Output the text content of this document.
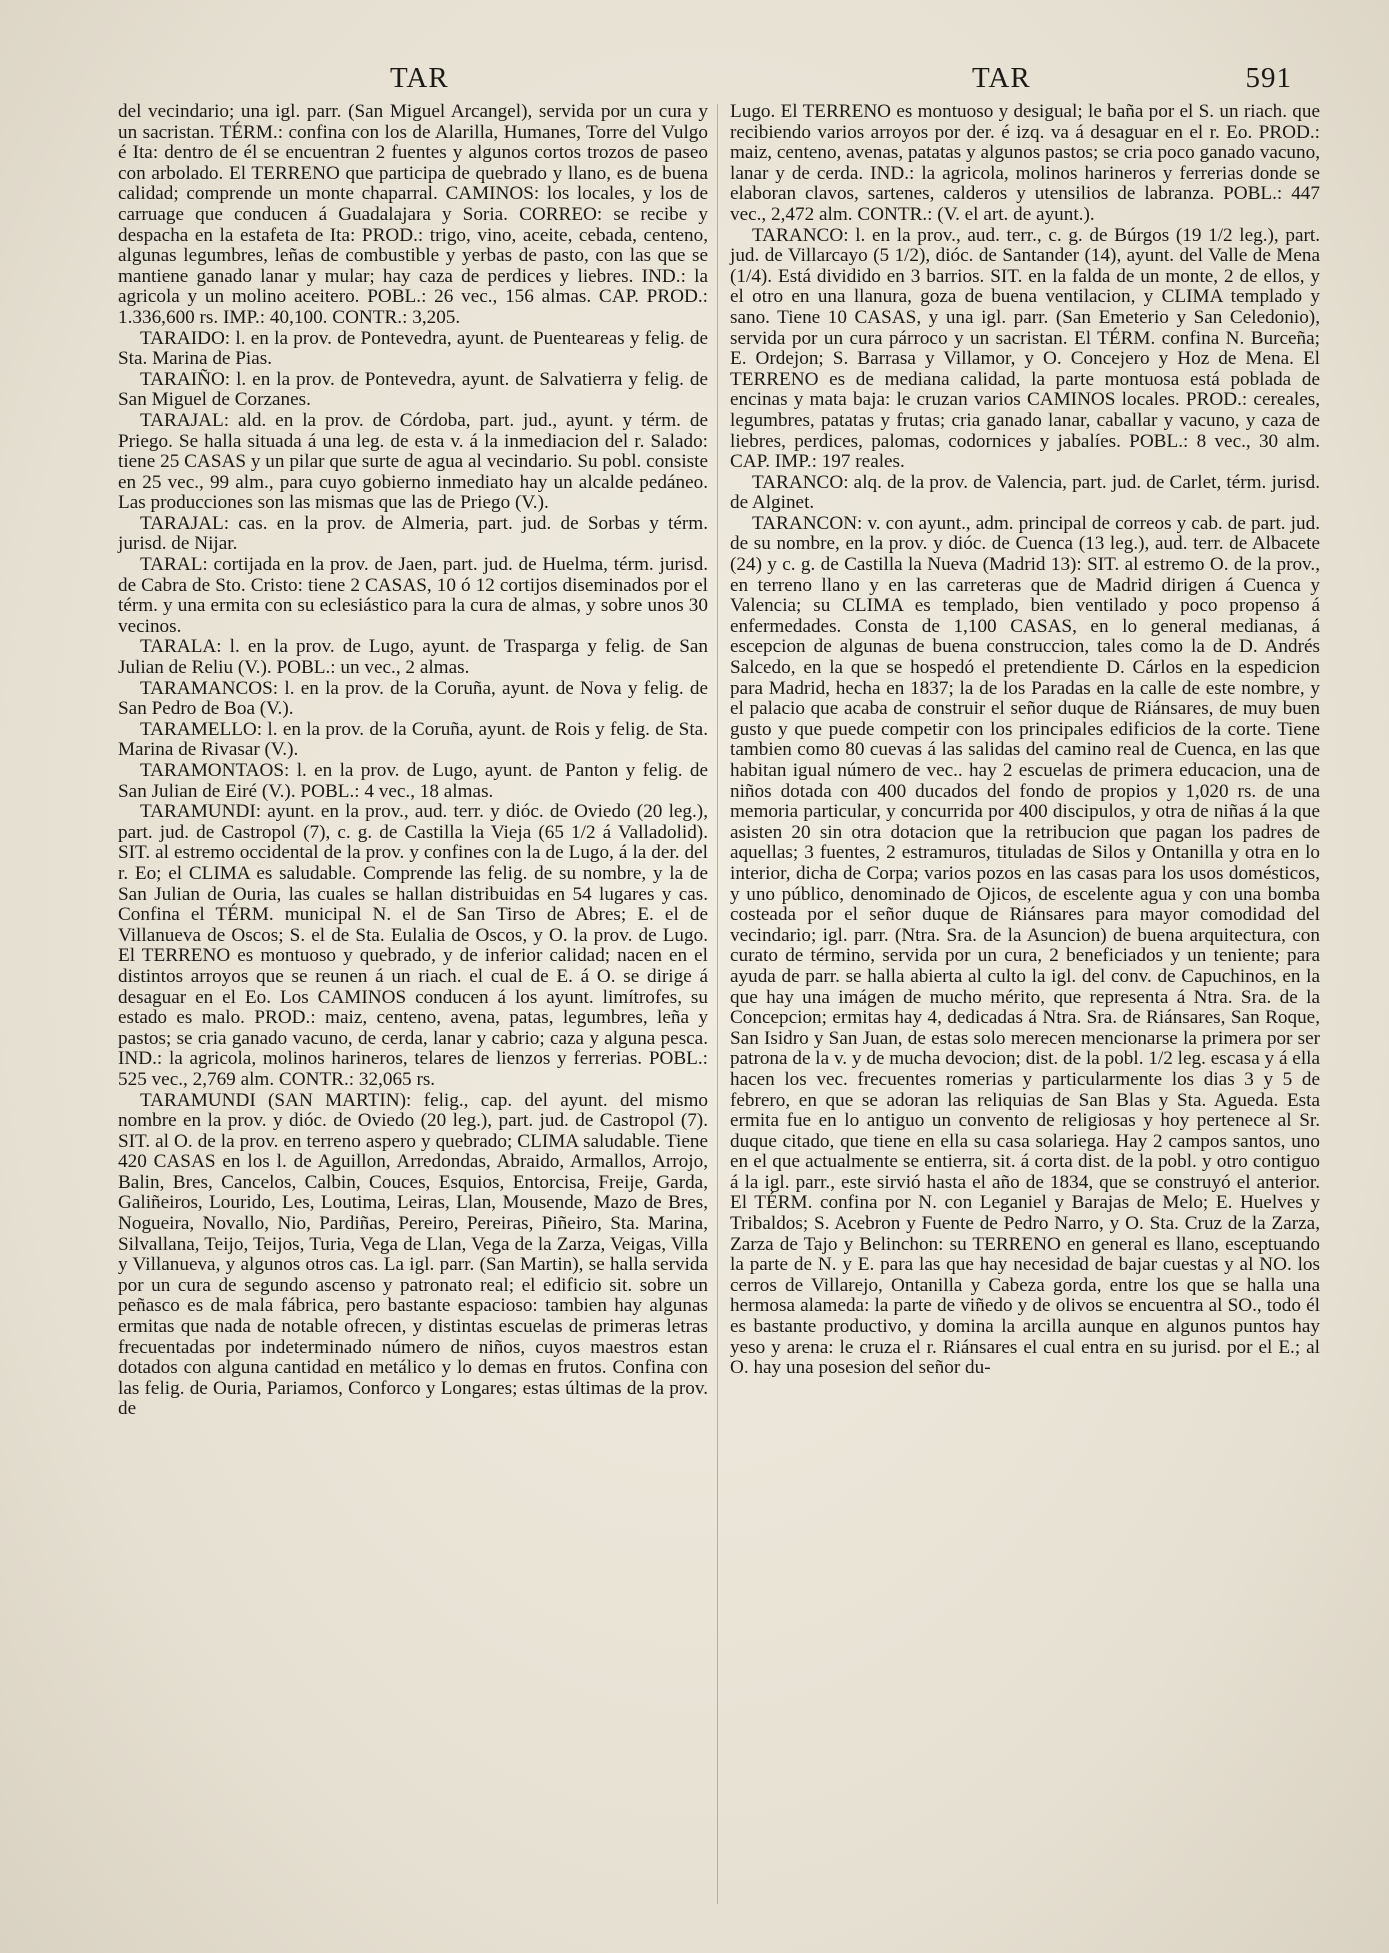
TAR	TAR	591

del vecindario; una igl. parr. (San Miguel Arcangel), servida por un cura y un sacristan. TÉRM.: confina con los de Alarilla, Humanes, Torre del Vulgo é Ita: dentro de él se encuentran 2 fuentes y algunos cortos trozos de paseo con arbolado. El TERRENO que participa de quebrado y llano, es de buena calidad; comprende un monte chaparral. CAMINOS: los locales, y los de carruage que conducen á Guadalajara y Soria. CORREO: se recibe y despacha en la estafeta de Ita: PROD.: trigo, vino, aceite, cebada, centeno, algunas legumbres, leñas de combustible y yerbas de pasto, con las que se mantiene ganado lanar y mular; hay caza de perdices y liebres. IND.: la agricola y un molino aceitero. POBL.: 26 vec., 156 almas. CAP. PROD.: 1.336,600 rs. IMP.: 40,100. CONTR.: 3,205.

TARAIDO: l. en la prov. de Pontevedra, ayunt. de Puenteareas y felig. de Sta. Marina de Pias.

TARAIÑO: l. en la prov. de Pontevedra, ayunt. de Salvatierra y felig. de San Miguel de Corzanes.

TARAJAL: ald. en la prov. de Córdoba, part. jud., ayunt. y térm. de Priego. Se halla situada á una leg. de esta v. á la inmediacion del r. Salado: tiene 25 CASAS y un pilar que surte de agua al vecindario. Su pobl. consiste en 25 vec., 99 alm., para cuyo gobierno inmediato hay un alcalde pedáneo. Las producciones son las mismas que las de Priego (V.).

TARAJAL: cas. en la prov. de Almeria, part. jud. de Sorbas y térm. jurisd. de Nijar.

TARAL: cortijada en la prov. de Jaen, part. jud. de Huelma, térm. jurisd. de Cabra de Sto. Cristo: tiene 2 CASAS, 10 ó 12 cortijos diseminados por el térm. y una ermita con su eclesiástico para la cura de almas, y sobre unos 30 vecinos.

TARALA: l. en la prov. de Lugo, ayunt. de Trasparga y felig. de San Julian de Reliu (V.). POBL.: un vec., 2 almas.

TARAMANCOS: l. en la prov. de la Coruña, ayunt. de Nova y felig. de San Pedro de Boa (V.).

TARAMELLO: l. en la prov. de la Coruña, ayunt. de Rois y felig. de Sta. Marina de Rivasar (V.).

TARAMONTAOS: l. en la prov. de Lugo, ayunt. de Panton y felig. de San Julian de Eiré (V.). POBL.: 4 vec., 18 almas.

TARAMUNDI: ayunt. en la prov., aud. terr. y dióc. de Oviedo (20 leg.), part. jud. de Castropol (7), c. g. de Castilla la Vieja (65 1/2 á Valladolid). SIT. al estremo occidental de la prov. y confines con la de Lugo, á la der. del r. Eo; el CLIMA es saludable. Comprende las felig. de su nombre, y la de San Julian de Ouria, las cuales se hallan distribuidas en 54 lugares y cas. Confina el TÉRM. municipal N. el de San Tirso de Abres; E. el de Villanueva de Oscos; S. el de Sta. Eulalia de Oscos, y O. la prov. de Lugo. El TERRENO es montuoso y quebrado, y de inferior calidad; nacen en el distintos arroyos que se reunen á un riach. el cual de E. á O. se dirige á desaguar en el Eo. Los CAMINOS conducen á los ayunt. limítrofes, su estado es malo. PROD.: maiz, centeno, avena, patas, legumbres, leña y pastos; se cria ganado vacuno, de cerda, lanar y cabrio; caza y alguna pesca. IND.: la agricola, molinos harineros, telares de lienzos y ferrerias. POBL.: 525 vec., 2,769 alm. CONTR.: 32,065 rs.

TARAMUNDI (SAN MARTIN): felig., cap. del ayunt. del mismo nombre en la prov. y dióc. de Oviedo (20 leg.), part. jud. de Castropol (7). SIT. al O. de la prov. en terreno aspero y quebrado; CLIMA saludable. Tiene 420 CASAS en los l. de Aguillon, Arredondas, Abraido, Armallos, Arrojo, Balin, Bres, Cancelos, Calbin, Couces, Esquios, Entorcisa, Freije, Garda, Galiñeiros, Lourido, Les, Loutima, Leiras, Llan, Mousende, Mazo de Bres, Nogueira, Novallo, Nio, Pardiñas, Pereiro, Pereiras, Piñeiro, Sta. Marina, Silvallana, Teijo, Teijos, Turia, Vega de Llan, Vega de la Zarza, Veigas, Villa y Villanueva, y algunos otros cas. La igl. parr. (San Martin), se halla servida por un cura de segundo ascenso y patronato real; el edificio sit. sobre un peñasco es de mala fábrica, pero bastante espacioso: tambien hay algunas ermitas que nada de notable ofrecen, y distintas escuelas de primeras letras frecuentadas por indeterminado número de niños, cuyos maestros estan dotados con alguna cantidad en metálico y lo demas en frutos. Confina con las felig. de Ouria, Pariamos, Conforco y Longares; estas últimas de la prov. de

Lugo. El TERRENO es montuoso y desigual; le baña por el S. un riach. que recibiendo varios arroyos por der. é izq. va á desaguar en el r. Eo. PROD.: maiz, centeno, avenas, patatas y algunos pastos; se cria poco ganado vacuno, lanar y de cerda. IND.: la agricola, molinos harineros y ferrerias donde se elaboran clavos, sartenes, calderos y utensilios de labranza. POBL.: 447 vec., 2,472 alm. CONTR.: (V. el art. de ayunt.).

TARANCO: l. en la prov., aud. terr., c. g. de Búrgos (19 1/2 leg.), part. jud. de Villarcayo (5 1/2), dióc. de Santander (14), ayunt. del Valle de Mena (1/4). Está dividido en 3 barrios. SIT. en la falda de un monte, 2 de ellos, y el otro en una llanura, goza de buena ventilacion, y CLIMA templado y sano. Tiene 10 CASAS, y una igl. parr. (San Emeterio y San Celedonio), servida por un cura párroco y un sacristan. El TÉRM. confina N. Burceña; E. Ordejon; S. Barrasa y Villamor, y O. Concejero y Hoz de Mena. El TERRENO es de mediana calidad, la parte montuosa está poblada de encinas y mata baja: le cruzan varios CAMINOS locales. PROD.: cereales, legumbres, patatas y frutas; cria ganado lanar, caballar y vacuno, y caza de liebres, perdices, palomas, codornices y jabalíes. POBL.: 8 vec., 30 alm. CAP. IMP.: 197 reales.

TARANCO: alq. de la prov. de Valencia, part. jud. de Carlet, térm. jurisd. de Alginet.

TARANCON: v. con ayunt., adm. principal de correos y cab. de part. jud. de su nombre, en la prov. y dióc. de Cuenca (13 leg.), aud. terr. de Albacete (24) y c. g. de Castilla la Nueva (Madrid 13): SIT. al estremo O. de la prov., en terreno llano y en las carreteras que de Madrid dirigen á Cuenca y Valencia; su CLIMA es templado, bien ventilado y poco propenso á enfermedades. Consta de 1,100 CASAS, en lo general medianas, á escepcion de algunas de buena construccion, tales como la de D. Andrés Salcedo, en la que se hospedó el pretendiente D. Cárlos en la espedicion para Madrid, hecha en 1837; la de los Paradas en la calle de este nombre, y el palacio que acaba de construir el señor duque de Riánsares, de muy buen gusto y que puede competir con los principales edificios de la corte. Tiene tambien como 80 cuevas á las salidas del camino real de Cuenca, en las que habitan igual número de vec.. hay 2 escuelas de primera educacion, una de niños dotada con 400 ducados del fondo de propios y 1,020 rs. de una memoria particular, y concurrida por 400 discipulos, y otra de niñas á la que asisten 20 sin otra dotacion que la retribucion que pagan los padres de aquellas; 3 fuentes, 2 estramuros, tituladas de Silos y Ontanilla y otra en lo interior, dicha de Corpa; varios pozos en las casas para los usos domésticos, y uno público, denominado de Ojicos, de escelente agua y con una bomba costeada por el señor duque de Riánsares para mayor comodidad del vecindario; igl. parr. (Ntra. Sra. de la Asuncion) de buena arquitectura, con curato de término, servida por un cura, 2 beneficiados y un teniente; para ayuda de parr. se halla abierta al culto la igl. del conv. de Capuchinos, en la que hay una imágen de mucho mérito, que representa á Ntra. Sra. de la Concepcion; ermitas hay 4, dedicadas á Ntra. Sra. de Riánsares, San Roque, San Isidro y San Juan, de estas solo merecen mencionarse la primera por ser patrona de la v. y de mucha devocion; dist. de la pobl. 1/2 leg. escasa y á ella hacen los vec. frecuentes romerias y particularmente los dias 3 y 5 de febrero, en que se adoran las reliquias de San Blas y Sta. Agueda. Esta ermita fue en lo antiguo un convento de religiosas y hoy pertenece al Sr. duque citado, que tiene en ella su casa solariega. Hay 2 campos santos, uno en el que actualmente se entierra, sit. á corta dist. de la pobl. y otro contiguo á la igl. parr., este sirvió hasta el año de 1834, que se construyó el anterior. El TÉRM. confina por N. con Leganiel y Barajas de Melo; E. Huelves y Tribaldos; S. Acebron y Fuente de Pedro Narro, y O. Sta. Cruz de la Zarza, Zarza de Tajo y Belinchon: su TERRENO en general es llano, esceptuando la parte de N. y E. para las que hay necesidad de bajar cuestas y al NO. los cerros de Villarejo, Ontanilla y Cabeza gorda, entre los que se halla una hermosa alameda: la parte de viñedo y de olivos se encuentra al SO., todo él es bastante productivo, y domina la arcilla aunque en algunos puntos hay yeso y arena: le cruza el r. Riánsares el cual entra en su jurisd. por el E.; al O. hay una posesion del señor du-
